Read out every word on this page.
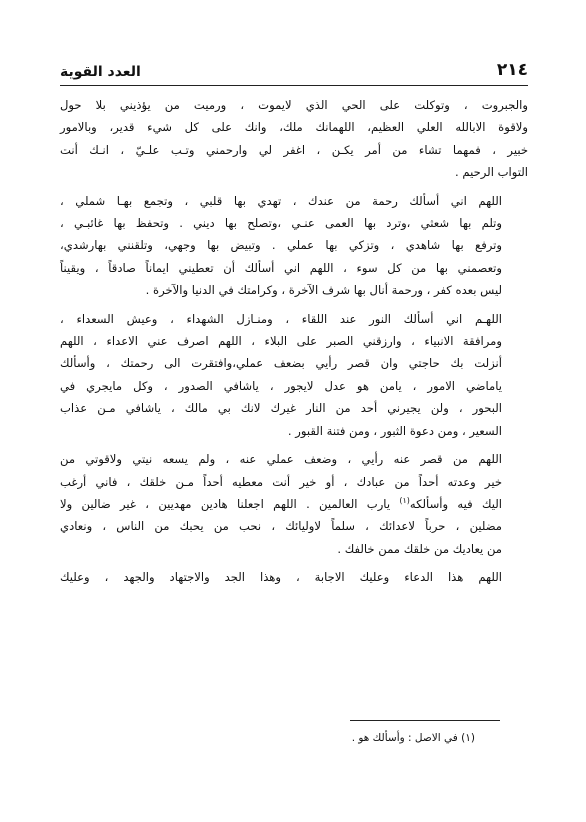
٢١٤
العدد القوية

والجبروت ، وتوكلت على الحي الذي لايموت ، ورميت من يؤذيني بلا حول
ولاقوة الابالله العلي العظيم، اللهمانك ملك، وانك على كل شيء قدير، وبالامور
خبير ، فمهما تشاء من أمر يكـن ، اغفر لي وارحمني وتـب علـيّ ، انـك أنت
التواب الرحيم .

اللهم اني أسألك رحمة من عندك ، تهدي بها قلبي ، وتجمع بهـا شملي ،
وتلم بها شعثي ،وترد بها العمى عنـي ،وتصلح بها ديني . وتحفظ بها غائبـي ،
وترفع بها شاهدي ، وتزكي بها عملي . وتبيض بها وجهي، وتلقنني بهارشدي،
وتعصمني بها من كل سوء ، اللهم اني أسألك أن تعطيني ايماناً صادقاً ، ويقيناً
ليس بعده كفر ، ورحمة أنال بها شرف الآخرة ، وكرامتك في الدنيا والآخرة .

اللهـم اني أسألك النور عند اللقاء ، ومنـازل الشهداء ، وعيش السعداء ،
ومرافقة الانبياء ، وارزقني الصبر على البلاء ، اللهم اصرف عني الاعداء ، اللهم
أنزلت بك حاجتي وان قصر رأيي بضعف عملي،وافتقرت الى رحمتك ، وأسألك
ياماضي الامور ، يامن هو عدل لايجور ، ياشافي الصدور ، وكل مايجري في
البحور ، ولن يجيرني أحد من النار غيرك لانك بي مالك ، ياشافي مـن عذاب
السعير ، ومن دعوة الثبور ، ومن فتنة القبور .

اللهم من قصر عنه رأيي ، وضعف عملي عنه ، ولم يسعه نيتي ولاقوتي من
خير وعدته أحداً من عبادك ، أو خير أنت معطيه أحداً مـن خلقك ، فاني أرغب
اليك فيه وأسألكه$^{(١)}$ يارب العالمين . اللهم اجعلنا هادين مهديين ، غير ضالين ولا
مضلين ، حرباً لاعدائك ، سلماً لاوليائك ، نحب من يحبك من الناس ، ونعادي
من يعاديك من خلقك ممن خالفك .

اللهم هذا الدعاء وعليك الاجابة ، وهذا الجد والاجتهاد والجهد ، وعليك

(١) في الاصل : وأسألك هو .
